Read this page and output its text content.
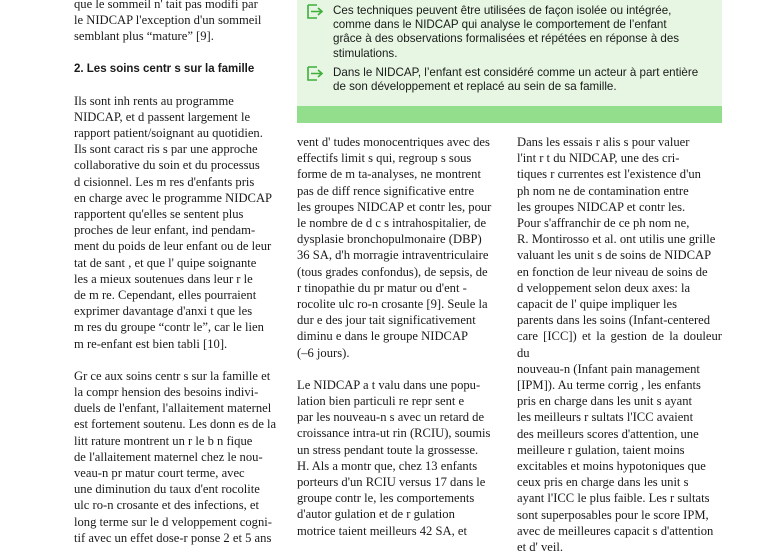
Ces techniques peuvent être utilisées de façon isolée ou intégrée,
comme dans le NIDCAP qui analyse le comportement de l’enfant
grâce à des observations formalisées et répétées en réponse à des
stimulations.
Dans le NIDCAP, l’enfant est considéré comme un acteur à part entière
de son développement et replacé au sein de sa famille.

que le sommeil n' tait pas modifi par
le NIDCAP l'exception d'un sommeil
semblant plus “mature” [9].

2. Les soins centr s sur la famille

Ils sont inh rents au programme
NIDCAP, et d passent largement le
rapport patient/soignant au quotidien.
Ils sont caract ris s par une approche
collaborative du soin et du processus
d cisionnel. Les m res d'enfants pris
en charge avec le programme NIDCAP
rapportent qu'elles se sentent plus
proches de leur enfant, ind pendam-
ment du poids de leur enfant ou de leur
tat de sant , et que l' quipe soignante
les a mieux soutenues dans leur r le
de m re. Cependant, elles pourraient
exprimer davantage d'anxi t que les
m res du groupe “contr le”, car le lien
m re-enfant est bien tabli [10].

Gr ce aux soins centr s sur la famille et
la compr hension des besoins indivi-
duels de l'enfant, l'allaitement maternel
est fortement soutenu. Les donn es de la
litt rature montrent un r le b n fique
de l'allaitement maternel chez le nou-
veau-n pr matur court terme, avec
une diminution du taux d'ent rocolite
ulc ro-n crosante et des infections, et
long terme sur le d veloppement cogni-
tif avec un effet dose-r ponse 2 et 5 ans

vent d' tudes monocentriques avec des
effectifs limit s qui, regroup s sous
forme de m ta-analyses, ne montrent
pas de diff rence significative entre
les groupes NIDCAP et contr les, pour
le nombre de d c s intrahospitalier, de
dysplasie bronchopulmonaire (DBP)
36 SA, d'h morragie intraventriculaire
(tous grades confondus), de sepsis, de
r tinopathie du pr matur ou d'ent -
rocolite ulc ro-n crosante [9]. Seule la
dur e des jour tait significativement
diminu e dans le groupe NIDCAP
(–6 jours).

Le NIDCAP a t valu dans une popu-
lation bien particuli re repr sent e
par les nouveau-n s avec un retard de
croissance intra-ut rin (RCIU), soumis
un stress pendant toute la grossesse.
H. Als a montr que, chez 13 enfants
porteurs d'un RCIU versus 17 dans le
groupe contr le, les comportements
d'autor gulation et de r gulation
motrice taient meilleurs 42 SA, et

Dans les essais r alis s pour valuer
l'int r t du NIDCAP, une des cri-
tiques r currentes est l'existence d'un
ph nom ne de contamination entre
les groupes NIDCAP et contr les.
Pour s'affranchir de ce ph nom ne,
R. Montirosso et al. ont utilis une grille
valuant les unit s de soins de NIDCAP
en fonction de leur niveau de soins de
d veloppement selon deux axes: la
capacit de l' quipe impliquer les
parents dans les soins (Infant-centered
care [ICC]) et la gestion de la douleur du
nouveau-n (Infant pain management
[IPM]). Au terme corrig , les enfants
pris en charge dans les unit s ayant
les meilleurs r sultats l'ICC avaient
des meilleurs scores d'attention, une
meilleure r gulation, taient moins
excitables et moins hypotoniques que
ceux pris en charge dans les unit s
ayant l'ICC le plus faible. Les r sultats
sont superposables pour le score IPM,
avec de meilleures capacit s d'attention
et d' veil.
